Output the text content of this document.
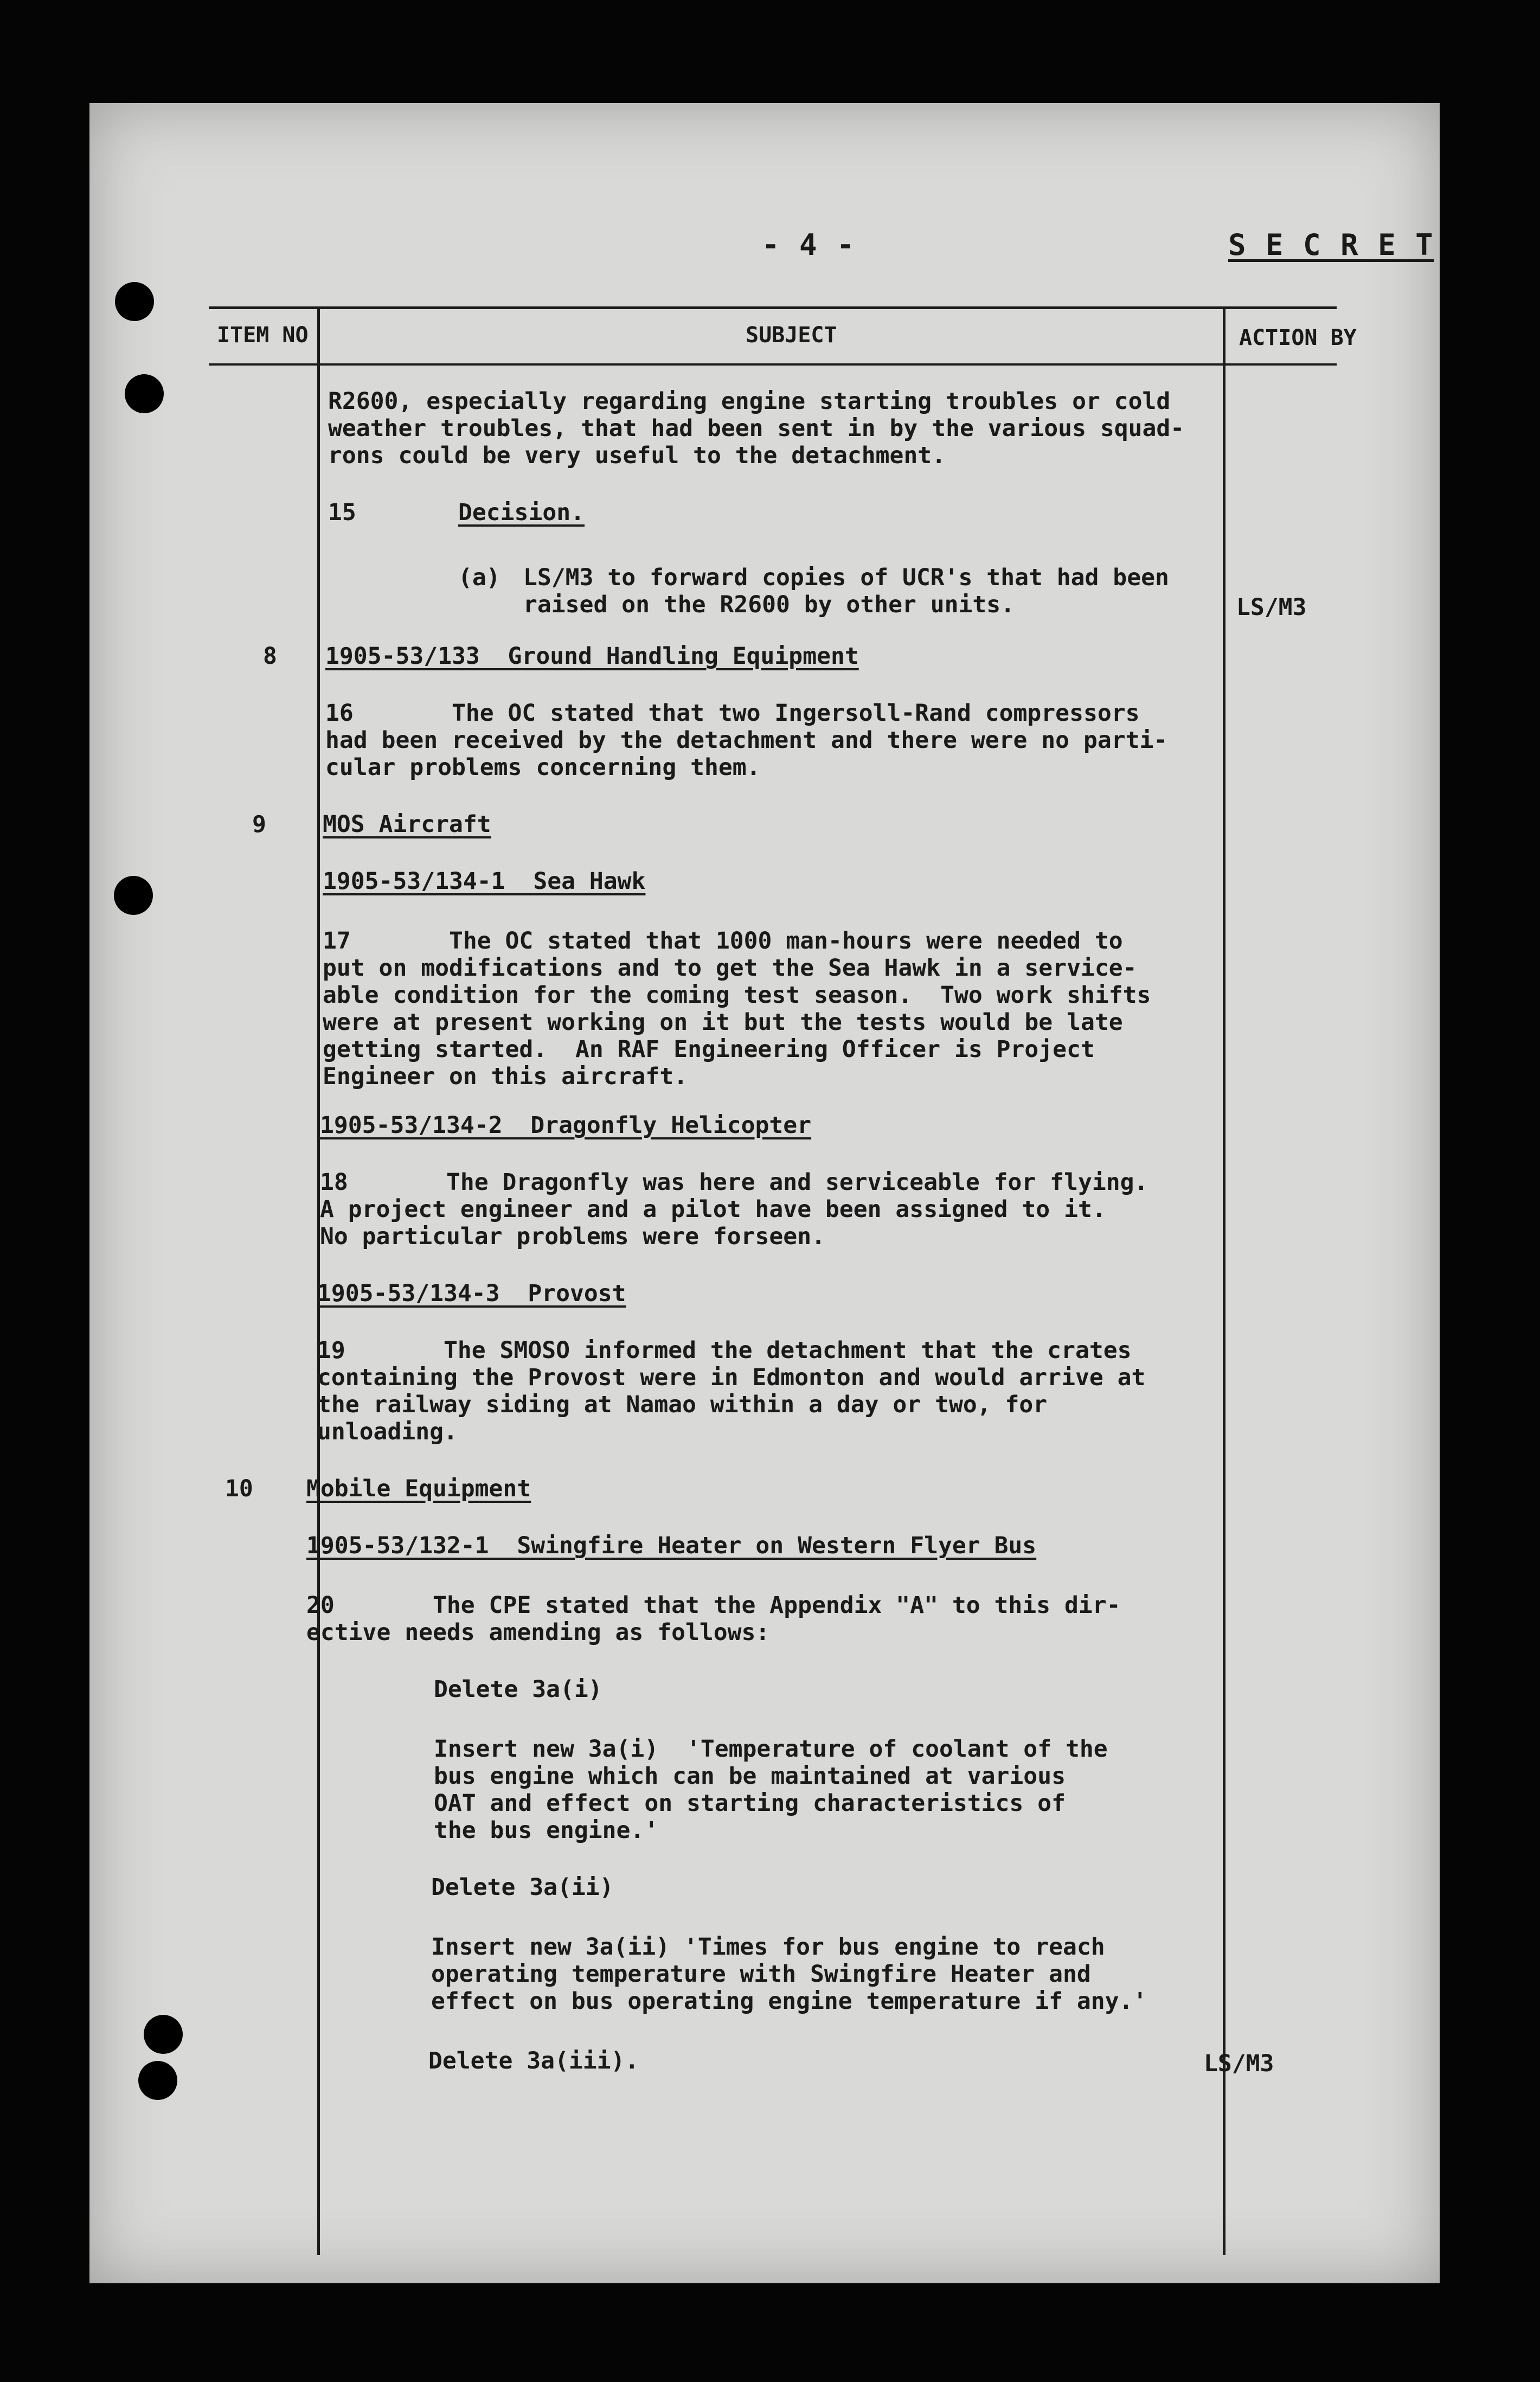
- 4 -	S E C R E T
ITEM NO	SUBJECT	ACTION BY
R2600, especially regarding engine starting troubles or cold
weather troubles, that had been sent in by the various squad-
rons could be very useful to the detachment.
15	Decision.
(a) LS/M3 to forward copies of UCR's that had been
raised on the R2600 by other units.	LS/M3
8 1905-53/133  Ground Handling Equipment
16       The OC stated that two Ingersoll-Rand compressors
had been received by the detachment and there were no parti-
cular problems concerning them.
9 MOS Aircraft
1905-53/134-1  Sea Hawk
17       The OC stated that 1000 man-hours were needed to
put on modifications and to get the Sea Hawk in a service-
able condition for the coming test season.  Two work shifts
were at present working on it but the tests would be late
getting started.  An RAF Engineering Officer is Project
Engineer on this aircraft.
1905-53/134-2  Dragonfly Helicopter
18       The Dragonfly was here and serviceable for flying.
A project engineer and a pilot have been assigned to it.
No particular problems were forseen.
1905-53/134-3  Provost
19       The SMOSO informed the detachment that the crates
containing the Provost were in Edmonton and would arrive at
the railway siding at Namao within a day or two, for
unloading.
10 Mobile Equipment
1905-53/132-1  Swingfire Heater on Western Flyer Bus
20       The CPE stated that the Appendix "A" to this dir-
ective needs amending as follows:
Delete 3a(i)
Insert new 3a(i)  'Temperature of coolant of the
bus engine which can be maintained at various
OAT and effect on starting characteristics of
the bus engine.'
Delete 3a(ii)
Insert new 3a(ii) 'Times for bus engine to reach
operating temperature with Swingfire Heater and
effect on bus operating engine temperature if any.'
Delete 3a(iii).	LS/M3
